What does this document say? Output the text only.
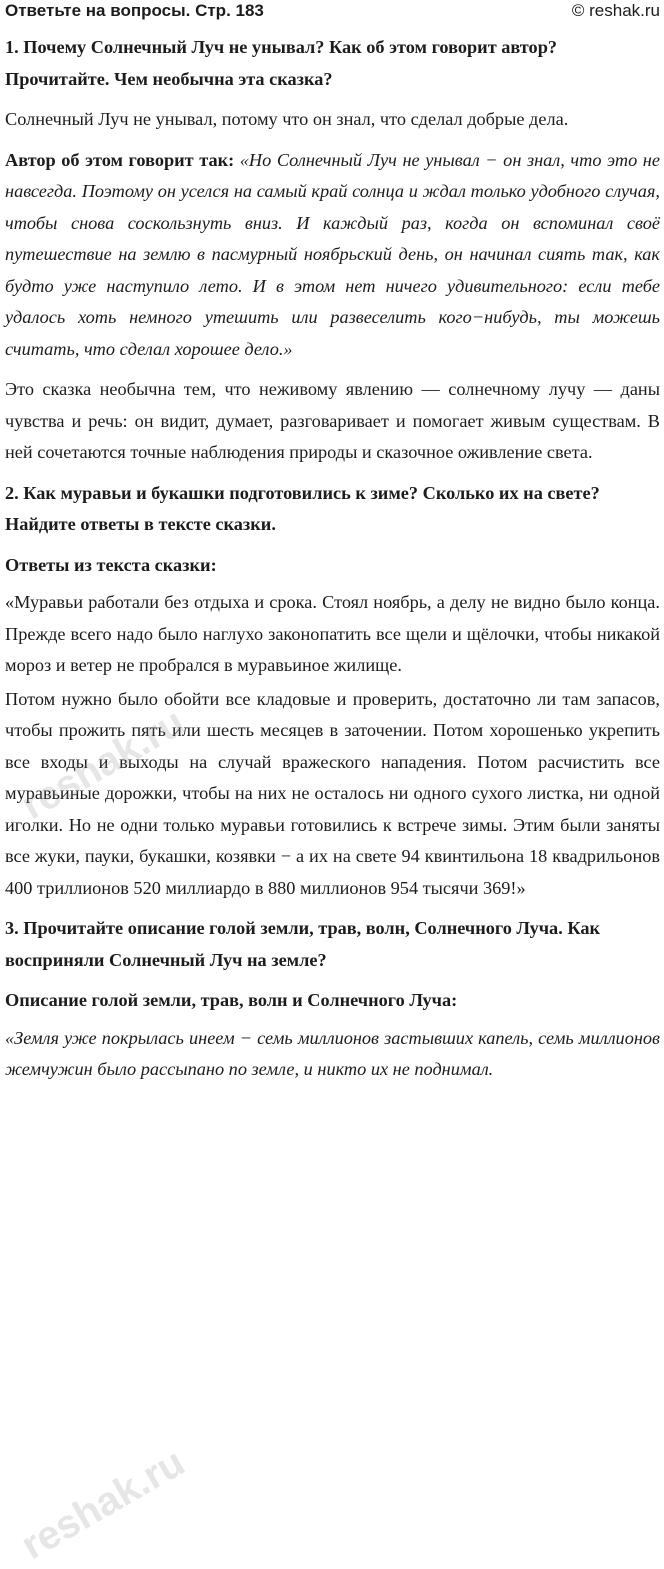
Ответьте на вопросы. Стр. 183	© reshak.ru

1. Почему Солнечный Луч не унывал? Как об этом говорит автор? Прочитайте. Чем необычна эта сказка?

Солнечный Луч не унывал, потому что он знал, что сделал добрые дела.

Автор об этом говорит так: «Но Солнечный Луч не унывал − он знал, что это не навсегда. Поэтому он уселся на самый край солнца и ждал только удобного случая, чтобы снова соскользнуть вниз. И каждый раз, когда он вспоминал своё путешествие на землю в пасмурный ноябрьский день, он начинал сиять так, как будто уже наступило лето. И в этом нет ничего удивительного: если тебе удалось хоть немного утешить или развеселить кого−нибудь, ты можешь считать, что сделал хорошее дело.»

Это сказка необычна тем, что неживому явлению — солнечному лучу — даны чувства и речь: он видит, думает, разговаривает и помогает живым существам. В ней сочетаются точные наблюдения природы и сказочное оживление света.

2. Как муравьи и букашки подготовились к зиме? Сколько их на свете? Найдите ответы в тексте сказки.

Ответы из текста сказки:

«Муравьи работали без отдыха и срока. Стоял ноябрь, а делу не видно было конца. Прежде всего надо было наглухо законопатить все щели и щёлочки, чтобы никакой мороз и ветер не пробрался в муравьиное жилище.

Потом нужно было обойти все кладовые и проверить, достаточно ли там запасов, чтобы прожить пять или шесть месяцев в заточении. Потом хорошенько укрепить все входы и выходы на случай вражеского нападения. Потом расчистить все муравьиные дорожки, чтобы на них не осталось ни одного сухого листка, ни одной иголки. Но не одни только муравьи готовились к встрече зимы. Этим были заняты все жуки, пауки, букашки, козявки − а их на свете 94 квинтильона 18 квадрильонов 400 триллионов 520 миллиардо в 880 миллионов 954 тысячи 369!»

3. Прочитайте описание голой земли, трав, волн, Солнечного Луча. Как восприняли Солнечный Луч на земле?

Описание голой земли, трав, волн и Солнечного Луча:

«Земля уже покрылась инеем − семь миллионов застывших капель, семь миллионов жемчужин было рассыпано по земле, и никто их не поднимал.

reshak.ru
reshak.ru
